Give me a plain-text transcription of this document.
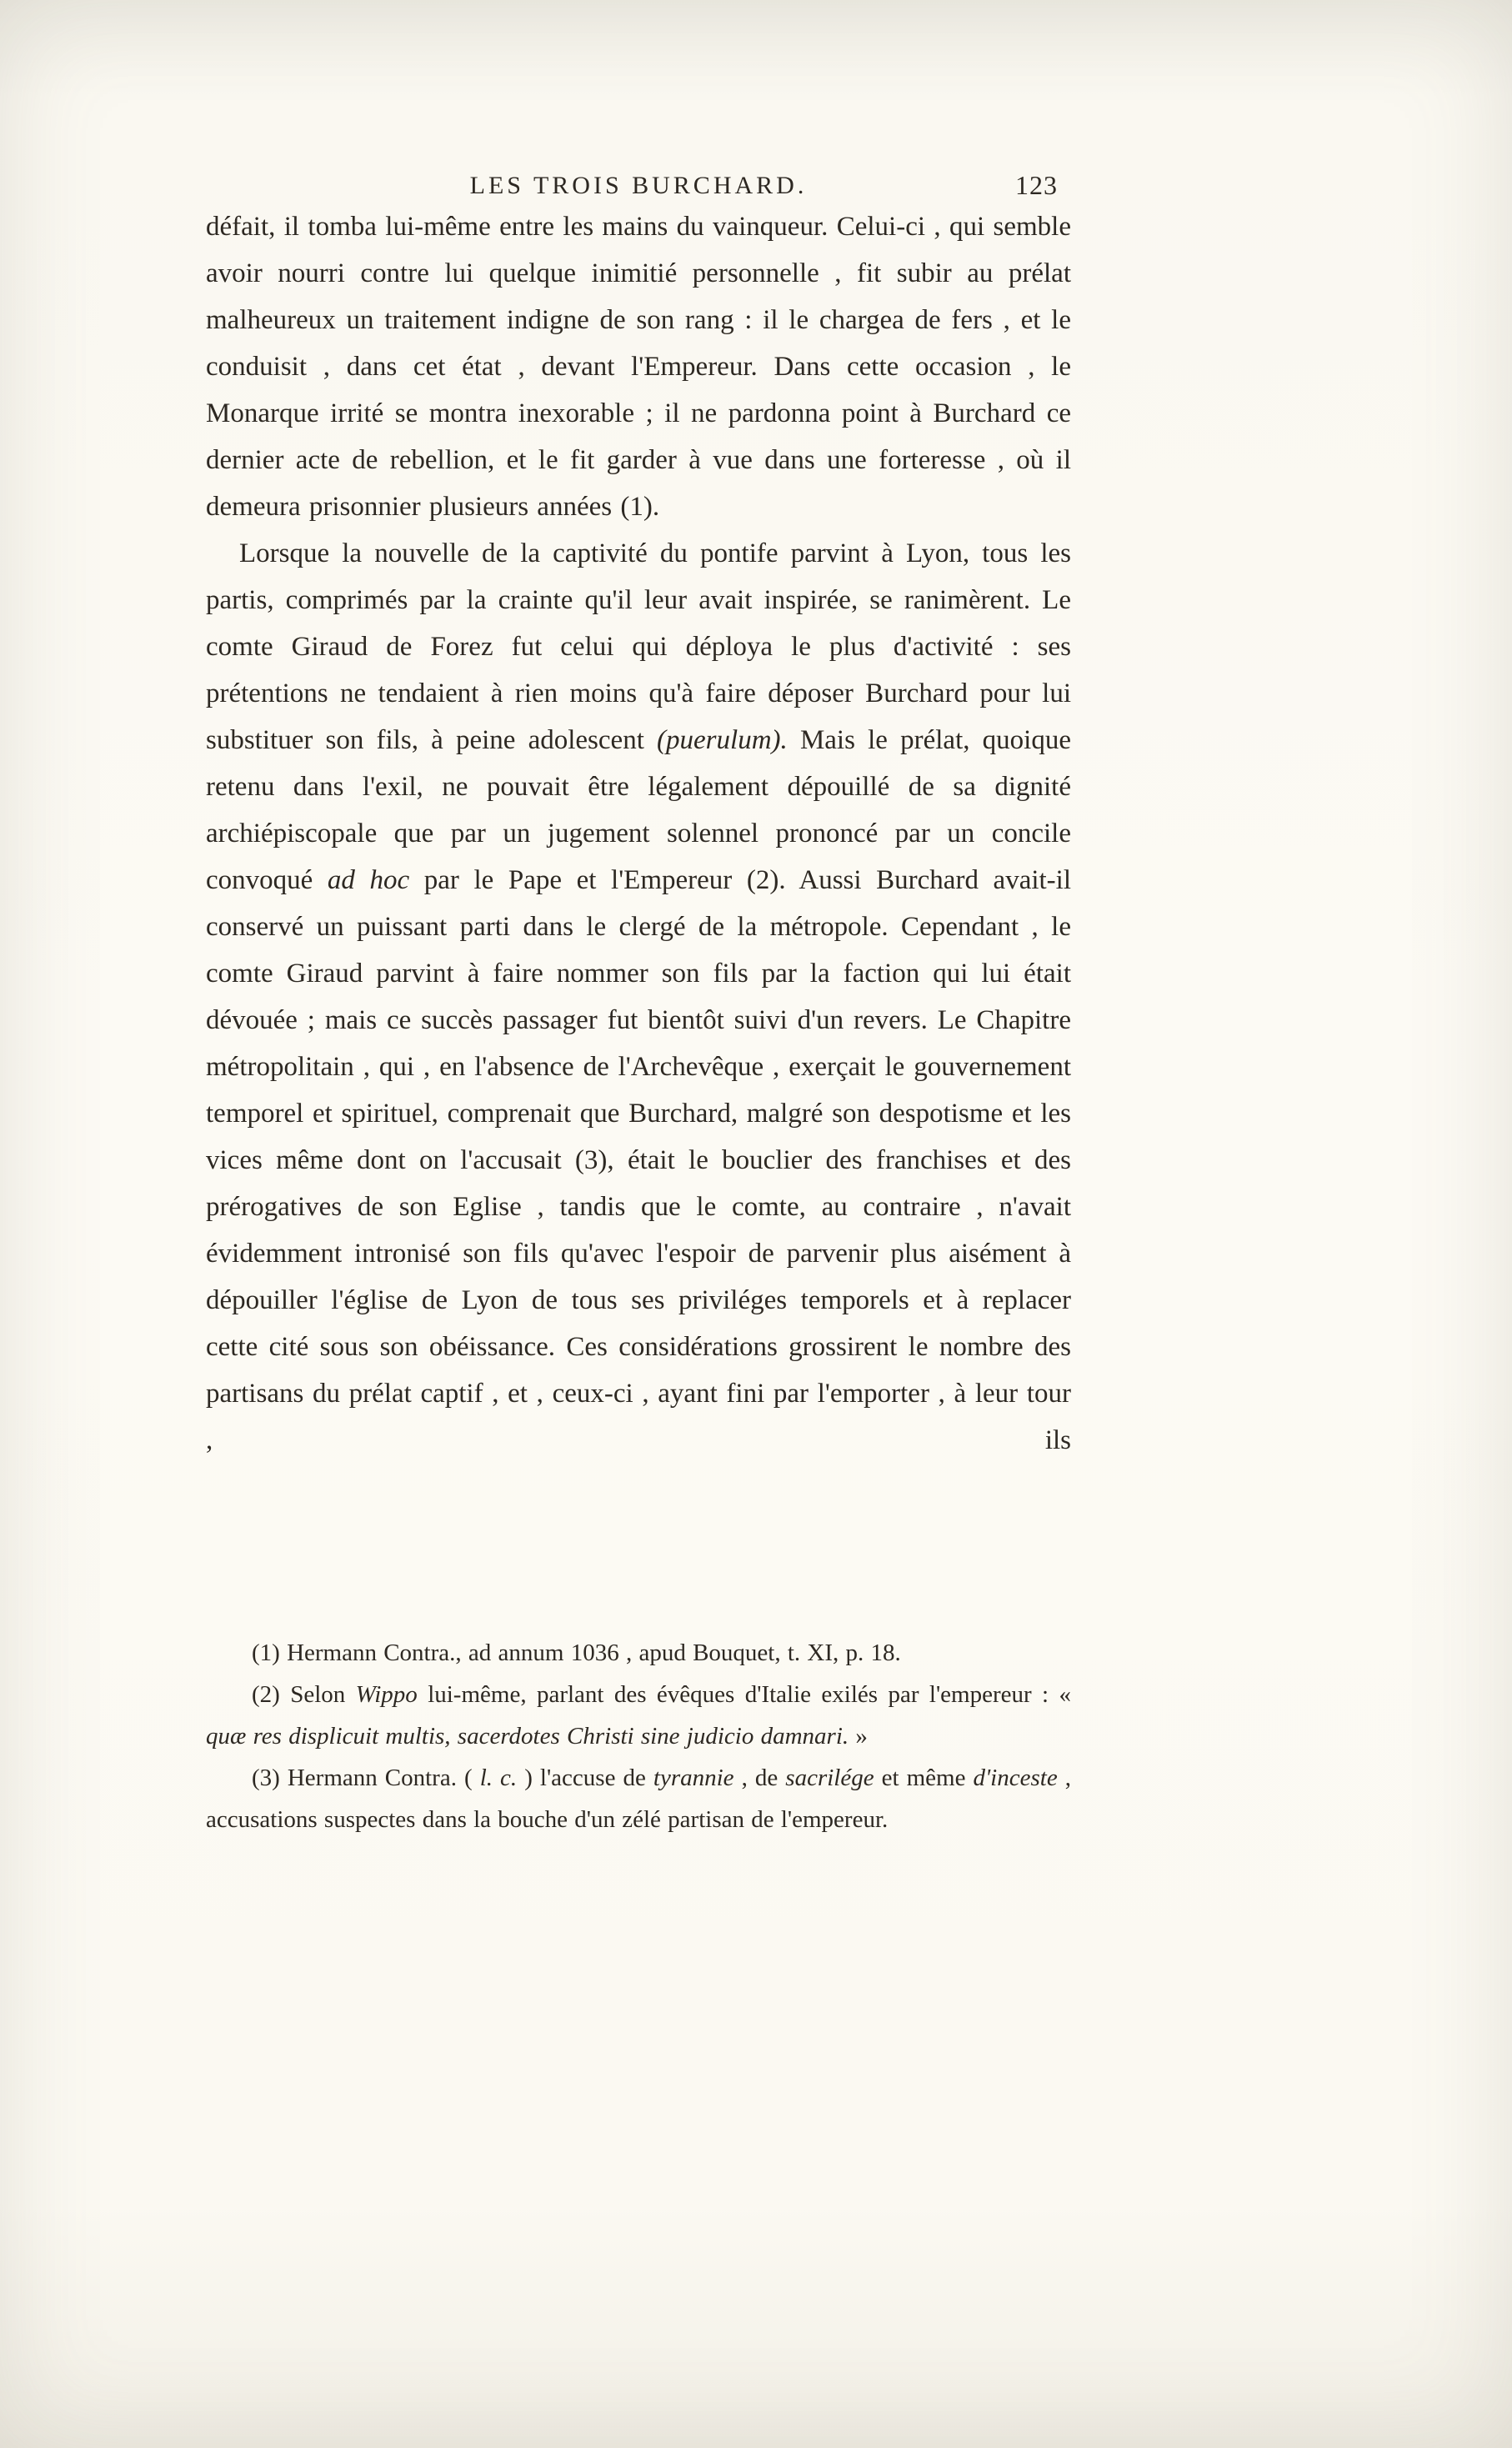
LES TROIS BURCHARD.	123

défait, il tomba lui-même entre les mains du vainqueur. Celui-ci , qui semble avoir nourri contre lui quelque inimitié personnelle , fit subir au prélat malheureux un traitement indigne de son rang : il le chargea de fers , et le conduisit , dans cet état , devant l'Empereur. Dans cette occasion , le Monarque irrité se montra inexorable ; il ne pardonna point à Burchard ce dernier acte de rebellion, et le fit garder à vue dans une forteresse , où il demeura prisonnier plusieurs années (1).

Lorsque la nouvelle de la captivité du pontife parvint à Lyon, tous les partis, comprimés par la crainte qu'il leur avait inspirée, se ranimèrent. Le comte Giraud de Forez fut celui qui déploya le plus d'activité : ses prétentions ne tendaient à rien moins qu'à faire déposer Burchard pour lui substituer son fils, à peine adolescent (puerulum). Mais le prélat, quoique retenu dans l'exil, ne pouvait être légalement dépouillé de sa dignité archiépiscopale que par un jugement solennel prononcé par un concile convoqué ad hoc par le Pape et l'Empereur (2). Aussi Burchard avait-il conservé un puissant parti dans le clergé de la métropole. Cependant , le comte Giraud parvint à faire nommer son fils par la faction qui lui était dévouée ; mais ce succès passager fut bientôt suivi d'un revers. Le Chapitre métropolitain , qui , en l'absence de l'Archevêque , exerçait le gouvernement temporel et spirituel, comprenait que Burchard, malgré son despotisme et les vices même dont on l'accusait (3), était le bouclier des franchises et des prérogatives de son Eglise , tandis que le comte, au contraire , n'avait évidemment intronisé son fils qu'avec l'espoir de parvenir plus aisément à dépouiller l'église de Lyon de tous ses priviléges temporels et à replacer cette cité sous son obéissance. Ces considérations grossirent le nombre des partisans du prélat captif , et , ceux-ci , ayant fini par l'emporter , à leur tour , ils

(1) Hermann Contra., ad annum 1036 , apud Bouquet, t. XI, p. 18.

(2) Selon Wippo lui-même, parlant des évêques d'Italie exilés par l'empereur : « quæ res displicuit multis, sacerdotes Christi sine judicio damnari. »

(3) Hermann Contra. ( l. c. ) l'accuse de tyrannie , de sacrilége et même d'inceste , accusations suspectes dans la bouche d'un zélé partisan de l'empereur.
